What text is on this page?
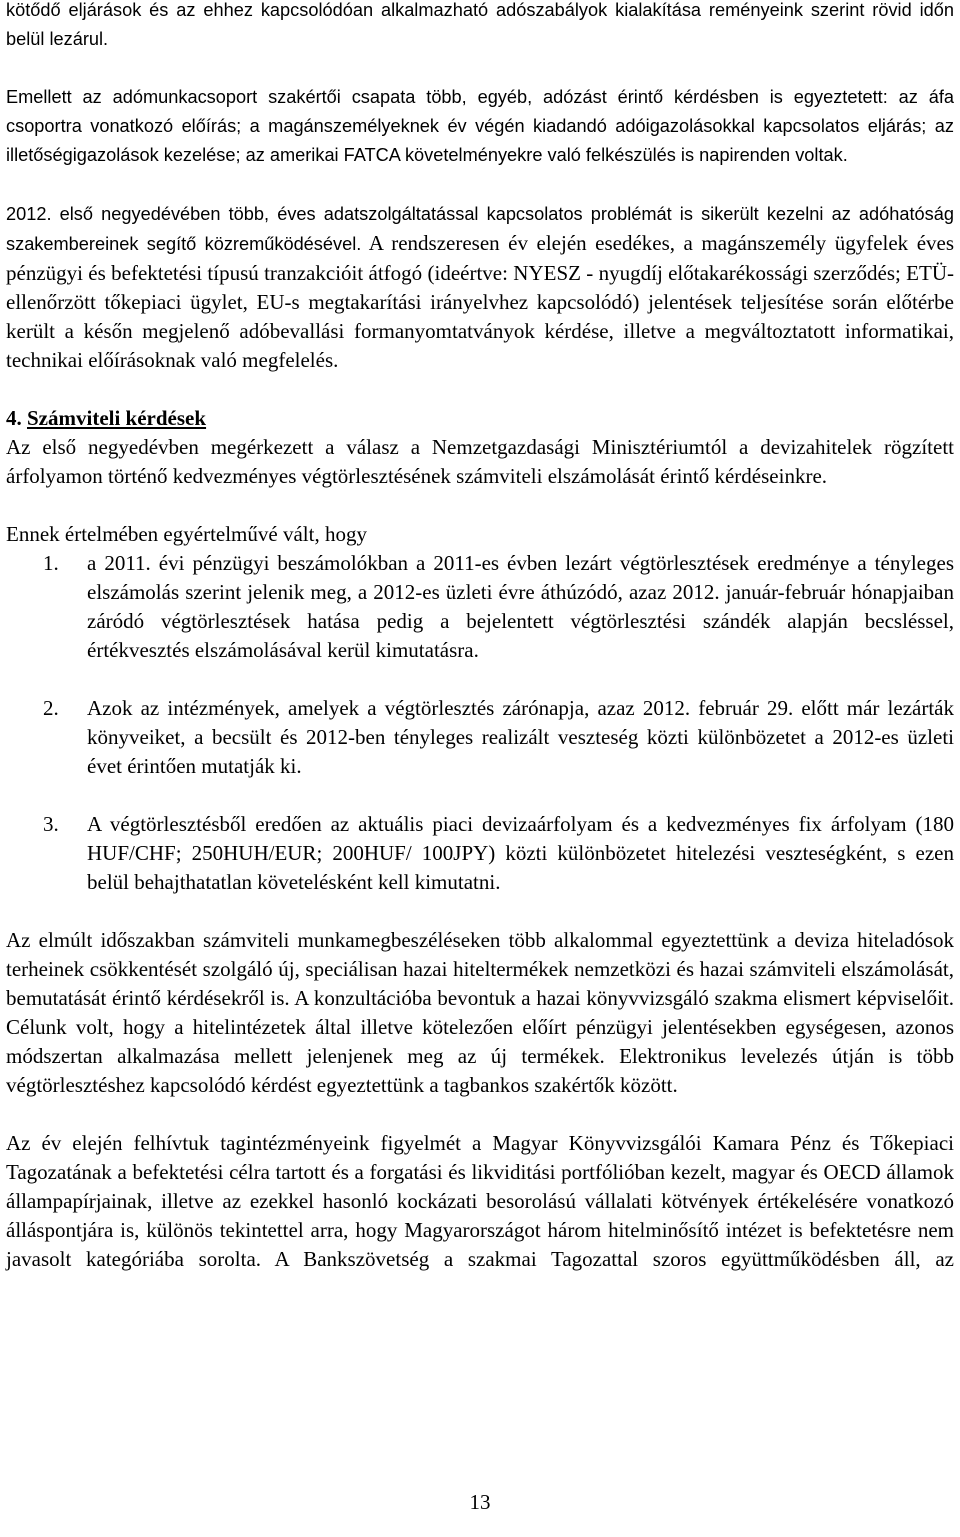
kötődő eljárások és az ehhez kapcsolódóan alkalmazható adószabályok kialakítása reményeink szerint rövid időn belül lezárul.

Emellett az adómunkacsoport szakértői csapata több, egyéb, adózást érintő kérdésben is egyeztetett: az áfa csoportra vonatkozó előírás; a magánszemélyeknek év végén kiadandó adóigazolásokkal kapcsolatos eljárás; az illetőségigazolások kezelése; az amerikai FATCA követelményekre való felkészülés is napirenden voltak.

2012. első negyedévében több, éves adatszolgáltatással kapcsolatos problémát is sikerült kezelni az adóhatóság szakembereinek segítő közreműködésével. A rendszeresen év elején esedékes, a magánszemély ügyfelek éves pénzügyi és befektetési típusú tranzakcióit átfogó (ideértve: NYESZ - nyugdíj előtakarékossági szerződés; ETÜ- ellenőrzött tőkepiaci ügylet, EU-s megtakarítási irányelvhez kapcsolódó) jelentések teljesítése során előtérbe került a későn megjelenő adóbevallási formanyomtatványok kérdése, illetve a megváltoztatott informatikai, technikai előírásoknak való megfelelés.

4. Számviteli kérdések

Az első negyedévben megérkezett a válasz a Nemzetgazdasági Minisztériumtól a devizahitelek rögzített árfolyamon történő kedvezményes végtörlesztésének számviteli elszámolását érintő kérdéseinkre.

Ennek értelmében egyértelművé vált, hogy

1. a 2011. évi pénzügyi beszámolókban a 2011-es évben lezárt végtörlesztések eredménye a tényleges elszámolás szerint jelenik meg, a 2012-es üzleti évre áthúzódó, azaz 2012. január-február hónapjaiban záródó végtörlesztések hatása pedig a bejelentett végtörlesztési szándék alapján becsléssel, értékvesztés elszámolásával kerül kimutatásra.
2. Azok az intézmények, amelyek a végtörlesztés zárónapja, azaz 2012. február 29. előtt már lezárták könyveiket, a becsült és 2012-ben tényleges realizált veszteség közti különbözetet a 2012-es üzleti évet érintően mutatják ki.
3. A végtörlesztésből eredően az aktuális piaci devizaárfolyam és a kedvezményes fix árfolyam (180 HUF/CHF; 250HUH/EUR; 200HUF/ 100JPY) közti különbözetet hitelezési veszteségként, s ezen belül behajthatatlan követelésként kell kimutatni.

Az elmúlt időszakban számviteli munkamegbeszéléseken több alkalommal egyeztettünk a deviza hiteladósok terheinek csökkentését szolgáló új, speciálisan hazai hiteltermékek nemzetközi és hazai számviteli elszámolását, bemutatását érintő kérdésekről is. A konzultációba bevontuk a hazai könyvvizsgáló szakma elismert képviselőit. Célunk volt, hogy a hitelintézetek által illetve kötelezően előírt pénzügyi jelentésekben egységesen, azonos módszertan alkalmazása mellett jelenjenek meg az új termékek. Elektronikus levelezés útján is több végtörlesztéshez kapcsolódó kérdést egyeztettünk a tagbankos szakértők között.

Az év elején felhívtuk tagintézményeink figyelmét a Magyar Könyvvizsgálói Kamara Pénz és Tőkepiaci Tagozatának a befektetési célra tartott és a forgatási és likviditási portfólióban kezelt, magyar és OECD államok állampapírjainak, illetve az ezekkel hasonló kockázati besorolású vállalati kötvények értékelésére vonatkozó álláspontjára is, különös tekintettel arra, hogy Magyarországot három hitelminősítő intézet is befektetésre nem javasolt kategóriába sorolta. A Bankszövetség a szakmai Tagozattal szoros együttműködésben áll, az

13
